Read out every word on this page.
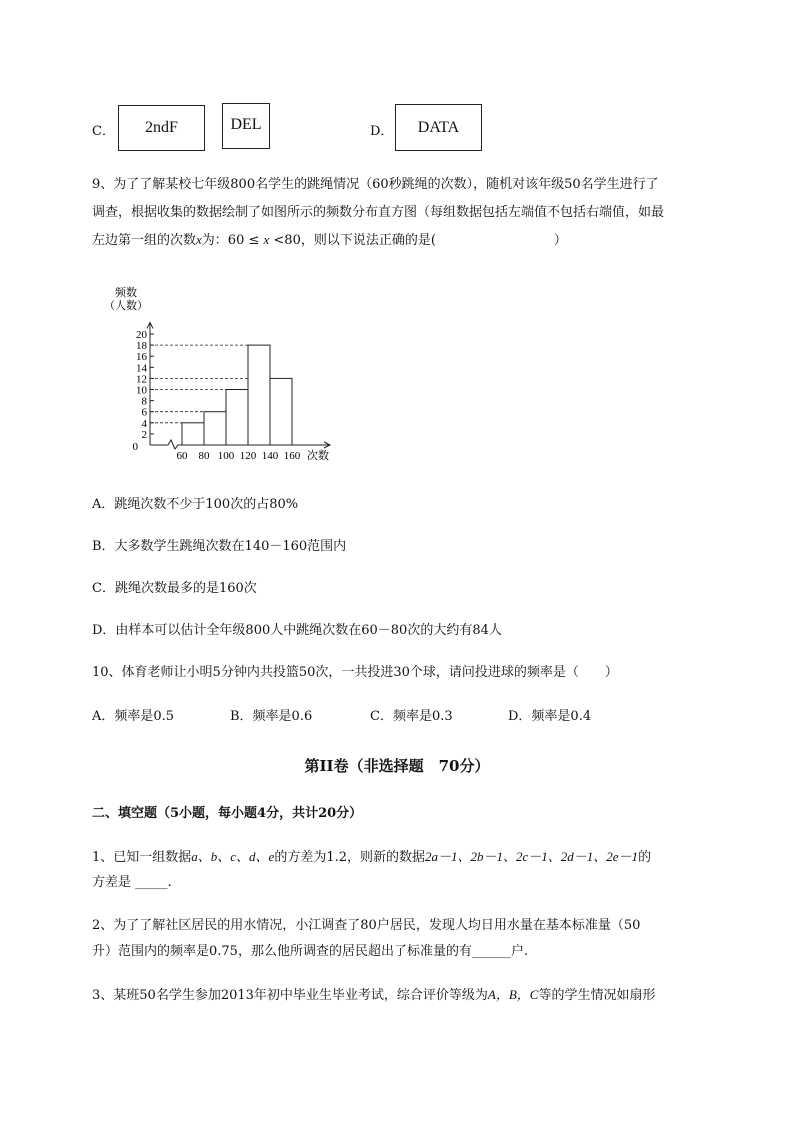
C．	2ndF	DEL	D．	DATA
9、为了了解某校七年级800名学生的跳绳情况（60秒跳绳的次数），随机对该年级50名学生进行了
调查，根据收集的数据绘制了如图所示的频数分布直方图（每组数据包括左端值不包括右端值，如最
左边第一组的次数x为：60 ≤ x <80，则以下说法正确的是(	）
频数
（人数）
20
18
16
14
12
10
8
6
4
2
0
60 80 100 120 140 160 次数
A．跳绳次数不少于100次的占80%
B．大多数学生跳绳次数在140－160范围内
C．跳绳次数最多的是160次
D．由样本可以估计全年级800人中跳绳次数在60－80次的大约有84人
10、体育老师让小明5分钟内共投篮50次，一共投进30个球，请问投进球的频率是（　　）
A．频率是0.5	B．频率是0.6	C．频率是0.3	D．频率是0.4
第II卷（非选择题　70分）
二、填空题（5小题，每小题4分，共计20分）
1、已知一组数据a、b、c、d、e的方差为1.2，则新的数据2a－1、2b－1、2c－1、2d－1、2e－1的
方差是 _____.
2、为了了解社区居民的用水情况，小江调查了80户居民，发现人均日用水量在基本标准量（50
升）范围内的频率是0.75，那么他所调查的居民超出了标准量的有______户.
3、某班50名学生参加2013年初中毕业生毕业考试，综合评价等级为A，B，C等的学生情况如扇形
